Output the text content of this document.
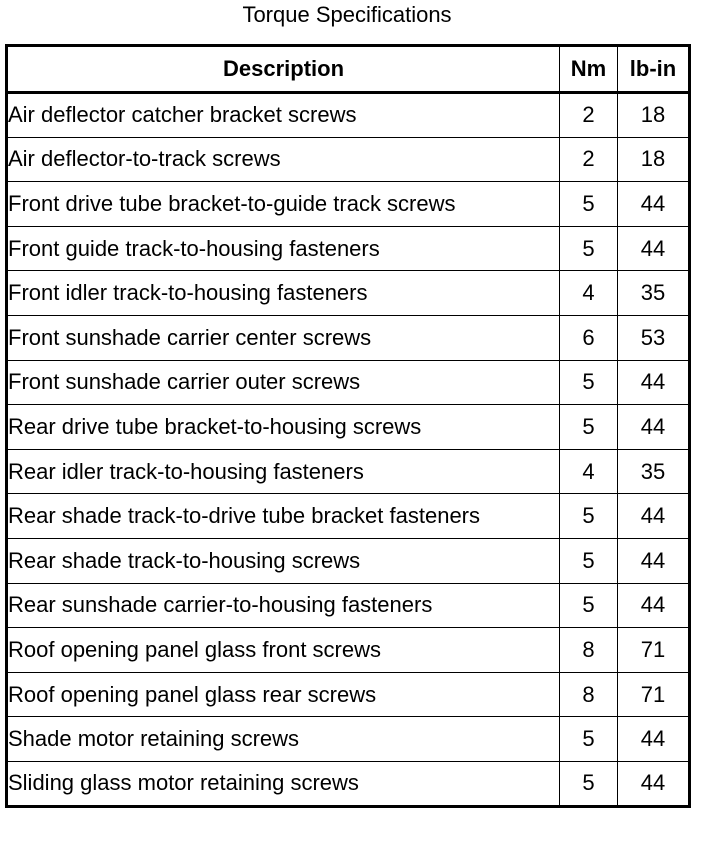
Torque Specifications
Description	Nm	lb-in
Air deflector catcher bracket screws	2	18
Air deflector-to-track screws	2	18
Front drive tube bracket-to-guide track screws	5	44
Front guide track-to-housing fasteners	5	44
Front idler track-to-housing fasteners	4	35
Front sunshade carrier center screws	6	53
Front sunshade carrier outer screws	5	44
Rear drive tube bracket-to-housing screws	5	44
Rear idler track-to-housing fasteners	4	35
Rear shade track-to-drive tube bracket fasteners	5	44
Rear shade track-to-housing screws	5	44
Rear sunshade carrier-to-housing fasteners	5	44
Roof opening panel glass front screws	8	71
Roof opening panel glass rear screws	8	71
Shade motor retaining screws	5	44
Sliding glass motor retaining screws	5	44
